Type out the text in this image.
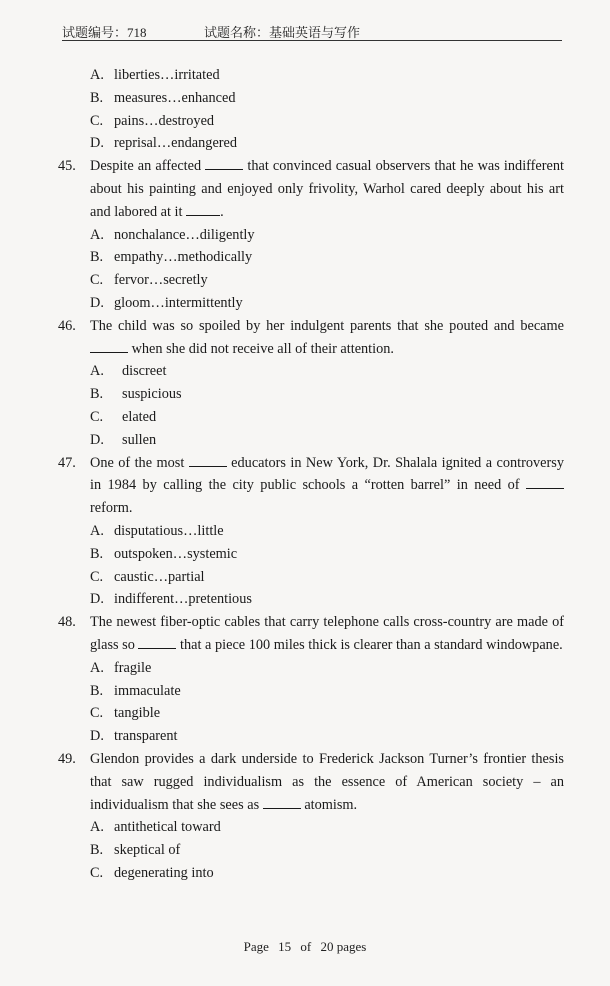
试题编号：718	试题名称：基础英语与写作
A. liberties…irritated
B. measures…enhanced
C. pains…destroyed
D. reprisal…endangered
45. Despite an affected	that convinced casual observers that he was indifferent about his painting and enjoyed only frivolity, Warhol cared deeply about his art and labored at it	.
A. nonchalance…diligently
B. empathy…methodically
C. fervor…secretly
D. gloom…intermittently
46. The child was so spoiled by her indulgent parents that she pouted and became  when she did not receive all of their attention.
A. discreet
B. suspicious
C. elated
D. sullen
47. One of the most	educators in New York, Dr. Shalala ignited a controversy in 1984 by calling the city public schools a “rotten barrel” in need of  reform.
A. disputatious…little
B. outspoken…systemic
C. caustic…partial
D. indifferent…pretentious
48. The newest fiber-optic cables that carry telephone calls cross-country are made of glass so	that a piece 100 miles thick is clearer than a standard windowpane.
A. fragile
B. immaculate
C. tangible
D. transparent
49. Glendon provides a dark underside to Frederick Jackson Turner’s frontier thesis that saw rugged individualism as the essence of American society – an individualism that she sees as	atomism.
A. antithetical toward
B. skeptical of
C. degenerating into
Page 15 of 20 pages
